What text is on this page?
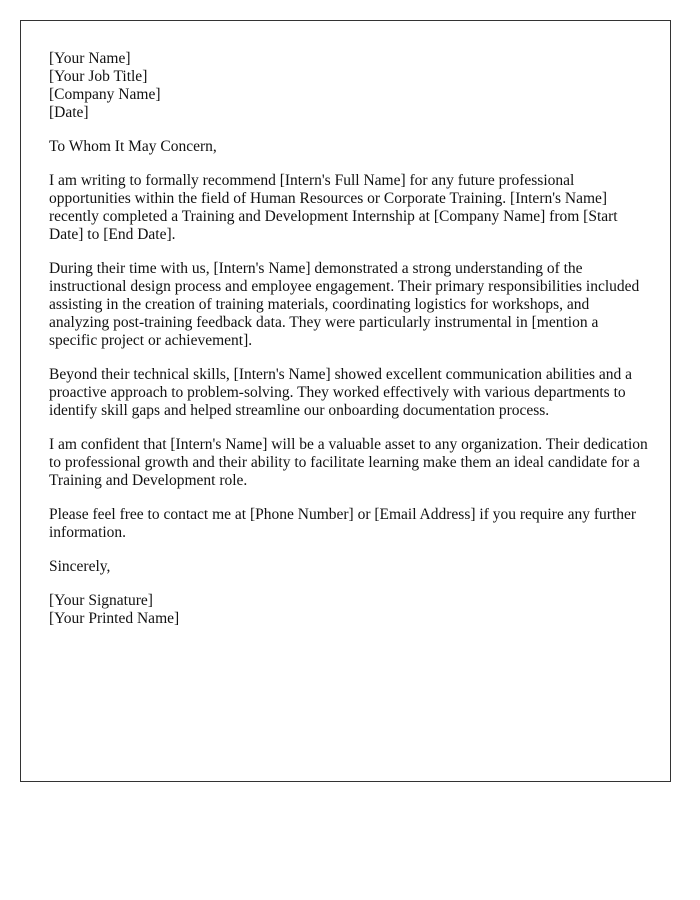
[Your Name]
[Your Job Title]
[Company Name]
[Date]

To Whom It May Concern,

I am writing to formally recommend [Intern's Full Name] for any future professional opportunities within the field of Human Resources or Corporate Training. [Intern's Name] recently completed a Training and Development Internship at [Company Name] from [Start Date] to [End Date].

During their time with us, [Intern's Name] demonstrated a strong understanding of the instructional design process and employee engagement. Their primary responsibilities included assisting in the creation of training materials, coordinating logistics for workshops, and analyzing post-training feedback data. They were particularly instrumental in [mention a specific project or achievement].

Beyond their technical skills, [Intern's Name] showed excellent communication abilities and a proactive approach to problem-solving. They worked effectively with various departments to identify skill gaps and helped streamline our onboarding documentation process.

I am confident that [Intern's Name] will be a valuable asset to any organization. Their dedication to professional growth and their ability to facilitate learning make them an ideal candidate for a Training and Development role.

Please feel free to contact me at [Phone Number] or [Email Address] if you require any further information.

Sincerely,

[Your Signature]
[Your Printed Name]
